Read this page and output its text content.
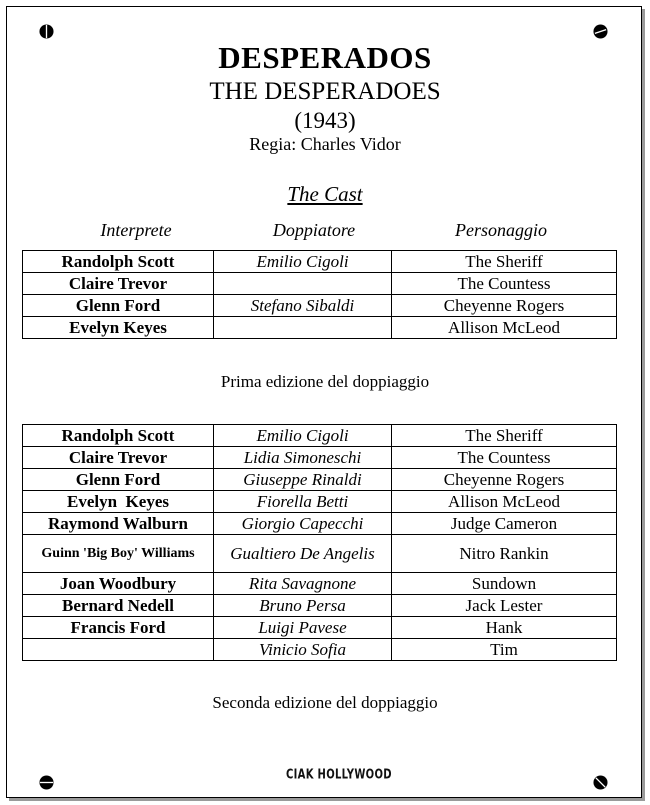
DESPERADOS
THE DESPERADOES
(1943)
Regia: Charles Vidor
The Cast
Interprete	Doppiatore	Personaggio
Randolph Scott	Emilio Cigoli	The Sheriff
Claire Trevor		The Countess
Glenn Ford	Stefano Sibaldi	Cheyenne Rogers
Evelyn Keyes		Allison McLeod
Prima edizione del doppiaggio
Randolph Scott	Emilio Cigoli	The Sheriff
Claire Trevor	Lidia Simoneschi	The Countess
Glenn Ford	Giuseppe Rinaldi	Cheyenne Rogers
Evelyn  Keyes	Fiorella Betti	Allison McLeod
Raymond Walburn	Giorgio Capecchi	Judge Cameron
Guinn 'Big Boy' Williams	Gualtiero De Angelis	Nitro Rankin
Joan Woodbury	Rita Savagnone	Sundown
Bernard Nedell	Bruno Persa	Jack Lester
Francis Ford	Luigi Pavese	Hank
	Vinicio Sofia	Tim
Seconda edizione del doppiaggio
CIAK HOLLYWOOD
